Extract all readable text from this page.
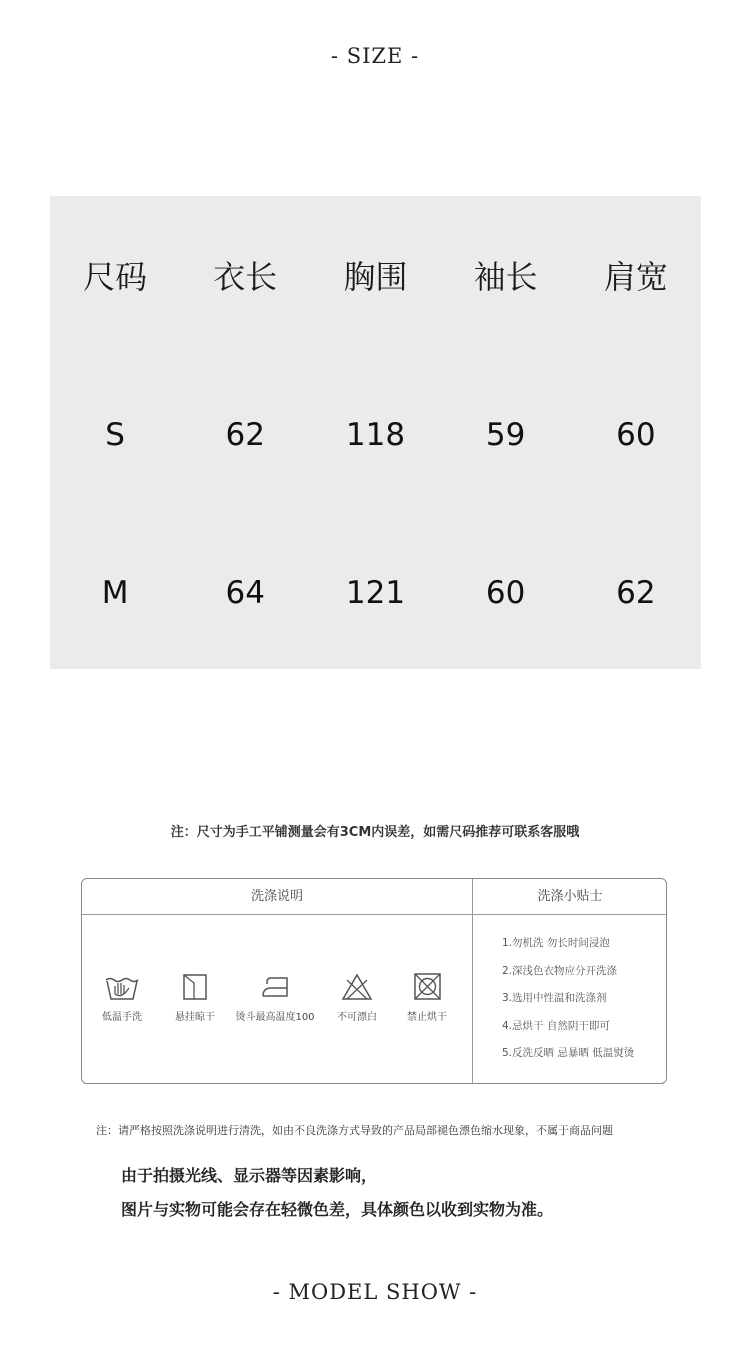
- SIZE -
尺码	衣长	胸围	袖长	肩宽
S	62	118	59	60
M	64	121	60	62
注：尺寸为手工平铺测量会有3CM内误差，如需尺码推荐可联系客服哦
洗涤说明	洗涤小贴士
低温手洗	悬挂晾干	烫斗最高温度100	不可漂白	禁止烘干
1.勿机洗 勿长时间浸泡
2.深浅色衣物应分开洗涤
3.选用中性温和洗涤剂
4.忌烘干 自然阴干即可
5.反洗反晒 忌暴晒 低温熨烫
注：请严格按照洗涤说明进行清洗，如由不良洗涤方式导致的产品局部褪色漂色缩水现象，不属于商品问题
由于拍摄光线、显示器等因素影响，
图片与实物可能会存在轻微色差，具体颜色以收到实物为准。
- MODEL SHOW -
